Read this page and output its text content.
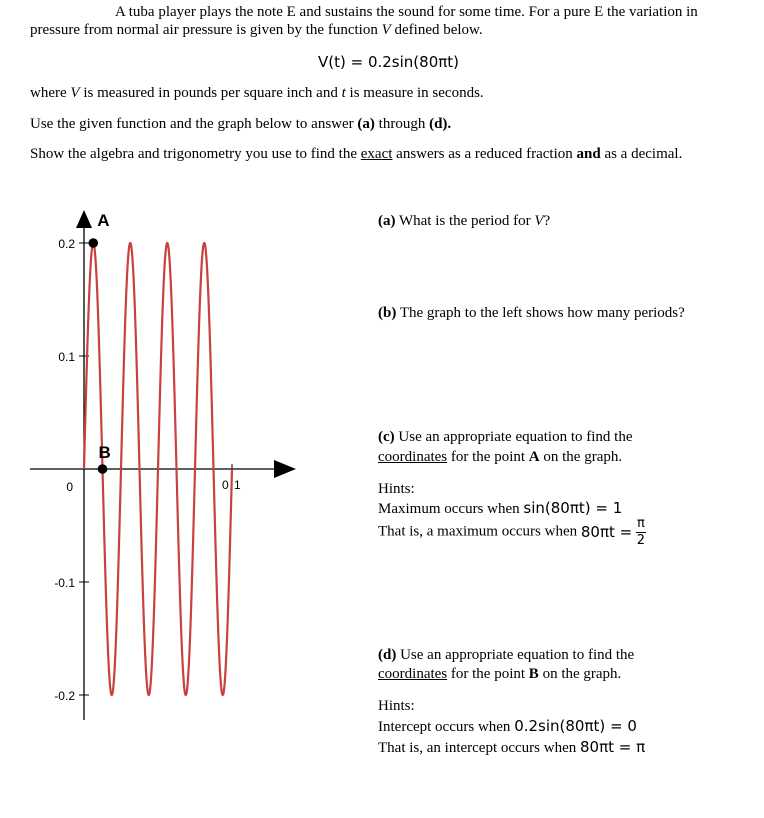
A tuba player plays the note E and sustains the sound for some time. For a pure E the variation in
pressure from normal air pressure is given by the function V defined below.
V(t) = 0.2sin(80πt)
where V is measured in pounds per square inch and t is measure in seconds.
Use the given function and the graph below to answer (a) through (d).
Show the algebra and trigonometry you use to find the exact answers as a reduced fraction and as a decimal.
0.2
0.1
0
-0.1
-0.2
0.1
A
B
(a) What is the period for V?
(b) The graph to the left shows how many periods?
(c) Use an appropriate equation to find the
coordinates for the point A on the graph.
Hints:
Maximum occurs when sin(80πt) = 1
That is, a maximum occurs when $80\pi t = \frac{\pi}{2}$
(d) Use an appropriate equation to find the
coordinates for the point B on the graph.
Hints:
Intercept occurs when 0.2sin(80πt) = 0
That is, an intercept occurs when 80πt = π
